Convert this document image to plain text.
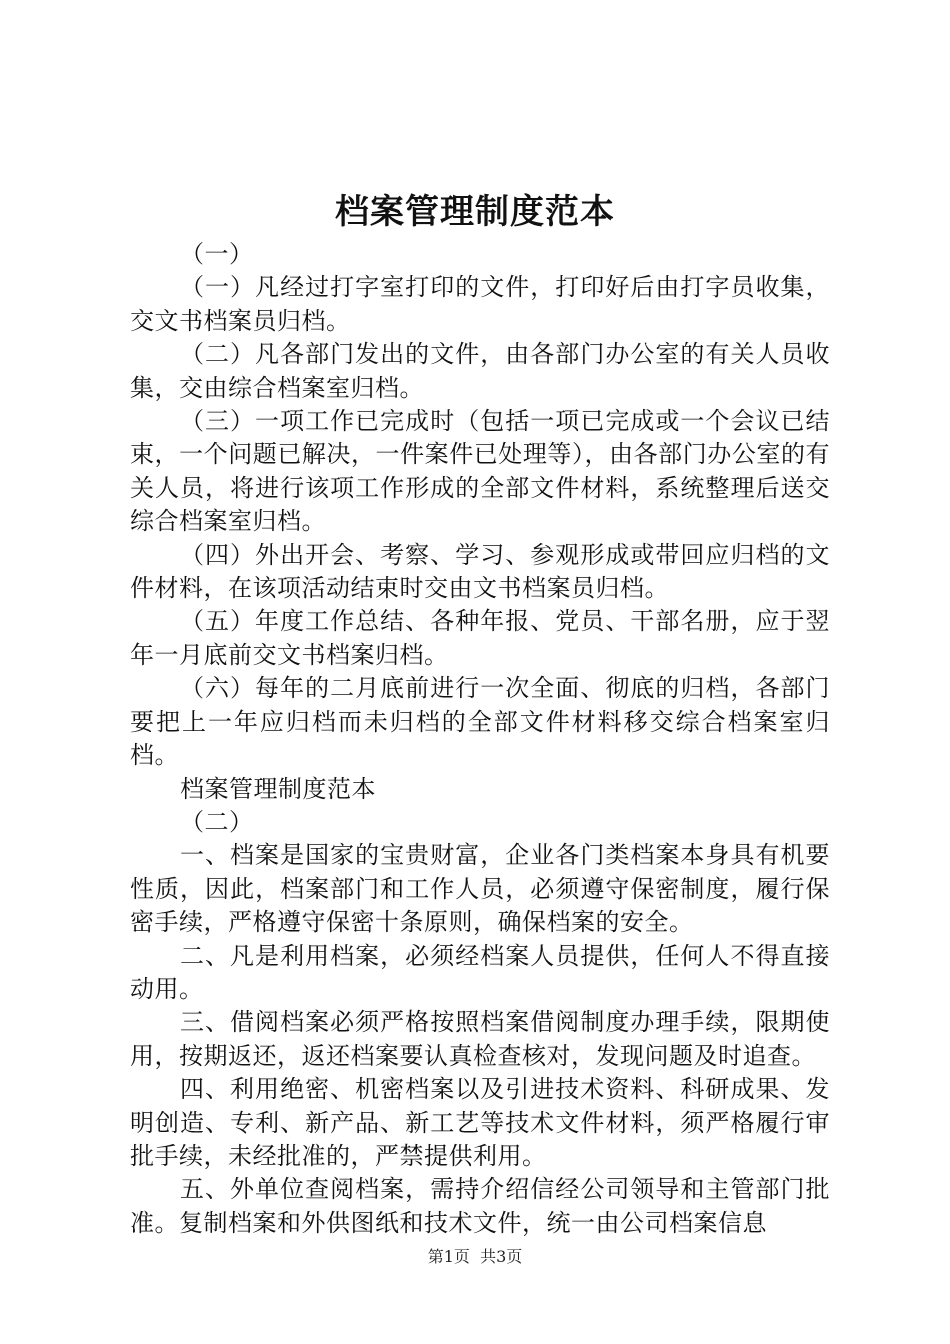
档案管理制度范本

（一）

（一）凡经过打字室打印的文件，打印好后由打字员收集，交文书档案员归档。

（二）凡各部门发出的文件，由各部门办公室的有关人员收集，交由综合档案室归档。

（三）一项工作已完成时（包括一项已完成或一个会议已结束，一个问题已解决，一件案件已处理等），由各部门办公室的有关人员，将进行该项工作形成的全部文件材料，系统整理后送交综合档案室归档。

（四）外出开会、考察、学习、参观形成或带回应归档的文件材料，在该项活动结束时交由文书档案员归档。

（五）年度工作总结、各种年报、党员、干部名册，应于翌年一月底前交文书档案归档。

（六）每年的二月底前进行一次全面、彻底的归档，各部门要把上一年应归档而未归档的全部文件材料移交综合档案室归档。

档案管理制度范本

（二）

一、档案是国家的宝贵财富，企业各门类档案本身具有机要性质，因此，档案部门和工作人员，必须遵守保密制度，履行保密手续，严格遵守保密十条原则，确保档案的安全。

二、凡是利用档案，必须经档案人员提供，任何人不得直接动用。

三、借阅档案必须严格按照档案借阅制度办理手续，限期使用，按期返还，返还档案要认真检查核对，发现问题及时追查。

四、利用绝密、机密档案以及引进技术资料、科研成果、发明创造、专利、新产品、新工艺等技术文件材料，须严格履行审批手续，未经批准的，严禁提供利用。

五、外单位查阅档案，需持介绍信经公司领导和主管部门批准。复制档案和外供图纸和技术文件，统一由公司档案信息

第1页  共3页
